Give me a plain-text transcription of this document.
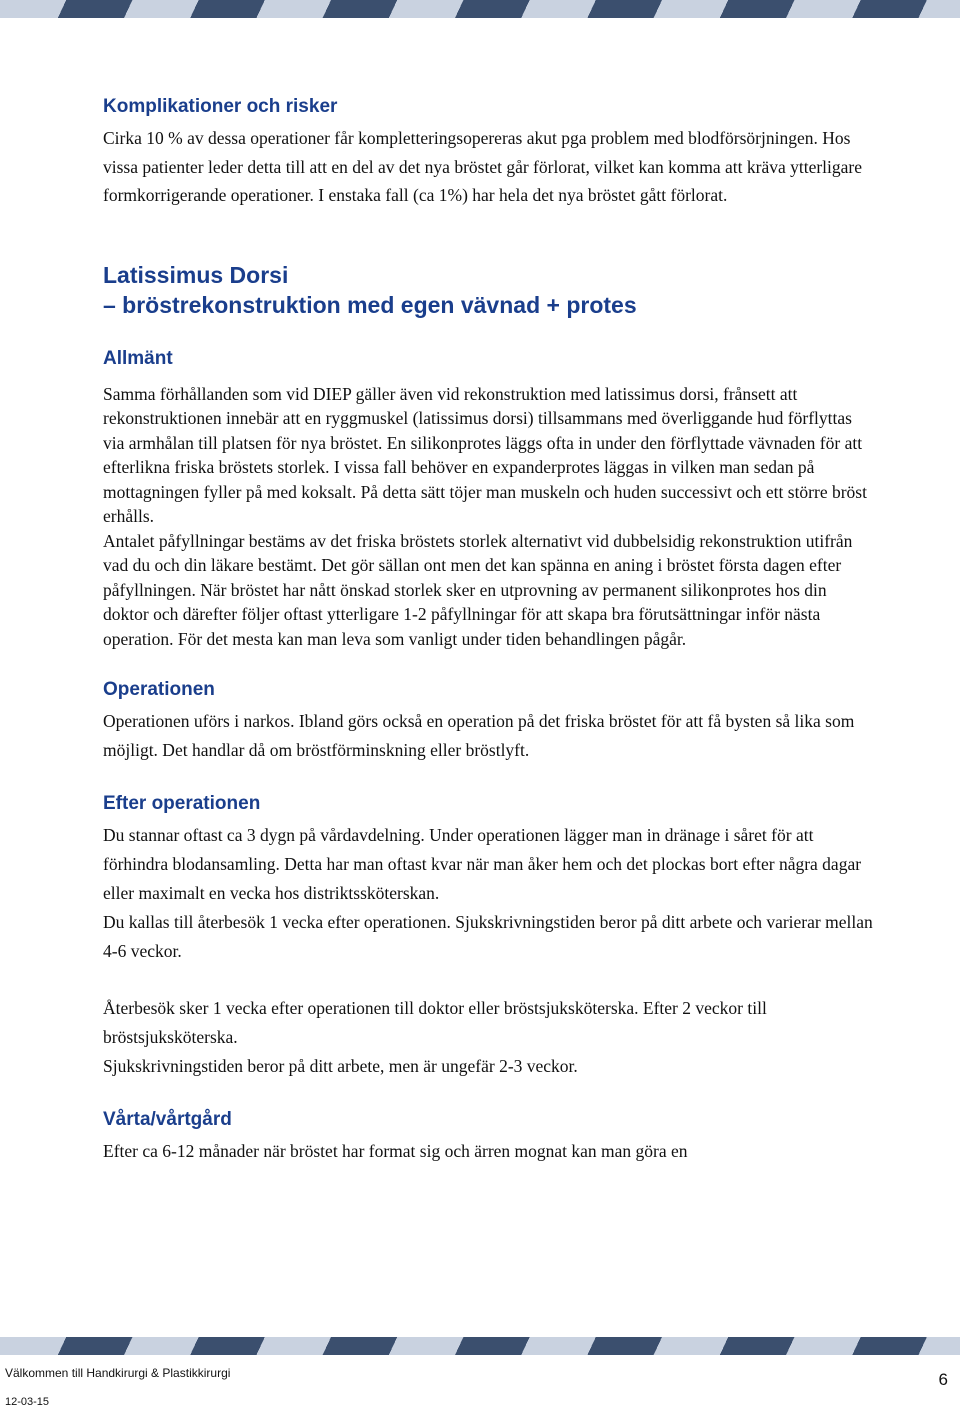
Komplikationer och risker

Cirka 10 % av dessa operationer får kompletteringsopereras akut pga problem med blodförsörjningen. Hos vissa patienter leder detta till att en del av det nya bröstet går förlorat, vilket kan komma att kräva ytterligare formkorrigerande operationer. I enstaka fall (ca 1%) har hela det nya bröstet gått förlorat.

Latissimus Dorsi
– bröstrekonstruktion med egen vävnad + protes
Allmänt

Samma förhållanden som vid DIEP gäller även vid rekonstruktion med latissimus dorsi, frånsett att rekonstruktionen innebär att en ryggmuskel (latissimus dorsi) tillsammans med överliggande hud förflyttas via armhålan till platsen för nya bröstet. En silikonprotes läggs ofta in under den förflyttade vävnaden för att efterlikna friska bröstets storlek. I vissa fall behöver en expanderprotes läggas in vilken man sedan på mottagningen fyller på med koksalt. På detta sätt töjer man muskeln och huden successivt och ett större bröst erhålls.

Antalet påfyllningar bestäms av det friska bröstets storlek alternativt vid dubbelsidig rekonstruktion utifrån vad du och din läkare bestämt. Det gör sällan ont men det kan spänna en aning i bröstet första dagen efter påfyllningen. När bröstet har nått önskad storlek sker en utprovning av permanent silikonprotes hos din doktor och därefter följer oftast ytterligare 1-2 påfyllningar för att skapa bra förutsättningar inför nästa operation. För det mesta kan man leva som vanligt under tiden behandlingen pågår.

Operationen

Operationen uförs i narkos. Ibland görs också en operation på det friska bröstet för att få bysten så lika som möjligt. Det handlar då om bröstförminskning eller bröstlyft.

Efter operationen

Du stannar oftast ca 3 dygn på vårdavdelning. Under operationen lägger man in dränage i såret för att förhindra blodansamling. Detta har man oftast kvar när man åker hem och det plockas bort efter några dagar eller maximalt en vecka hos distriktssköterskan.

Du kallas till återbesök 1 vecka efter operationen. Sjukskrivningstiden beror på ditt arbete och varierar mellan 4-6 veckor.

Återbesök sker 1 vecka efter operationen till doktor eller bröstsjuksköterska. Efter 2 veckor till bröstsjuksköterska.

Sjukskrivningstiden beror på ditt arbete, men är ungefär 2-3 veckor.

Vårta/vårtgård

Efter ca 6-12 månader när bröstet har format sig och ärren mognat kan man göra en

Välkommen till Handkirurgi & Plastikkirurgi
12-03-15
6
